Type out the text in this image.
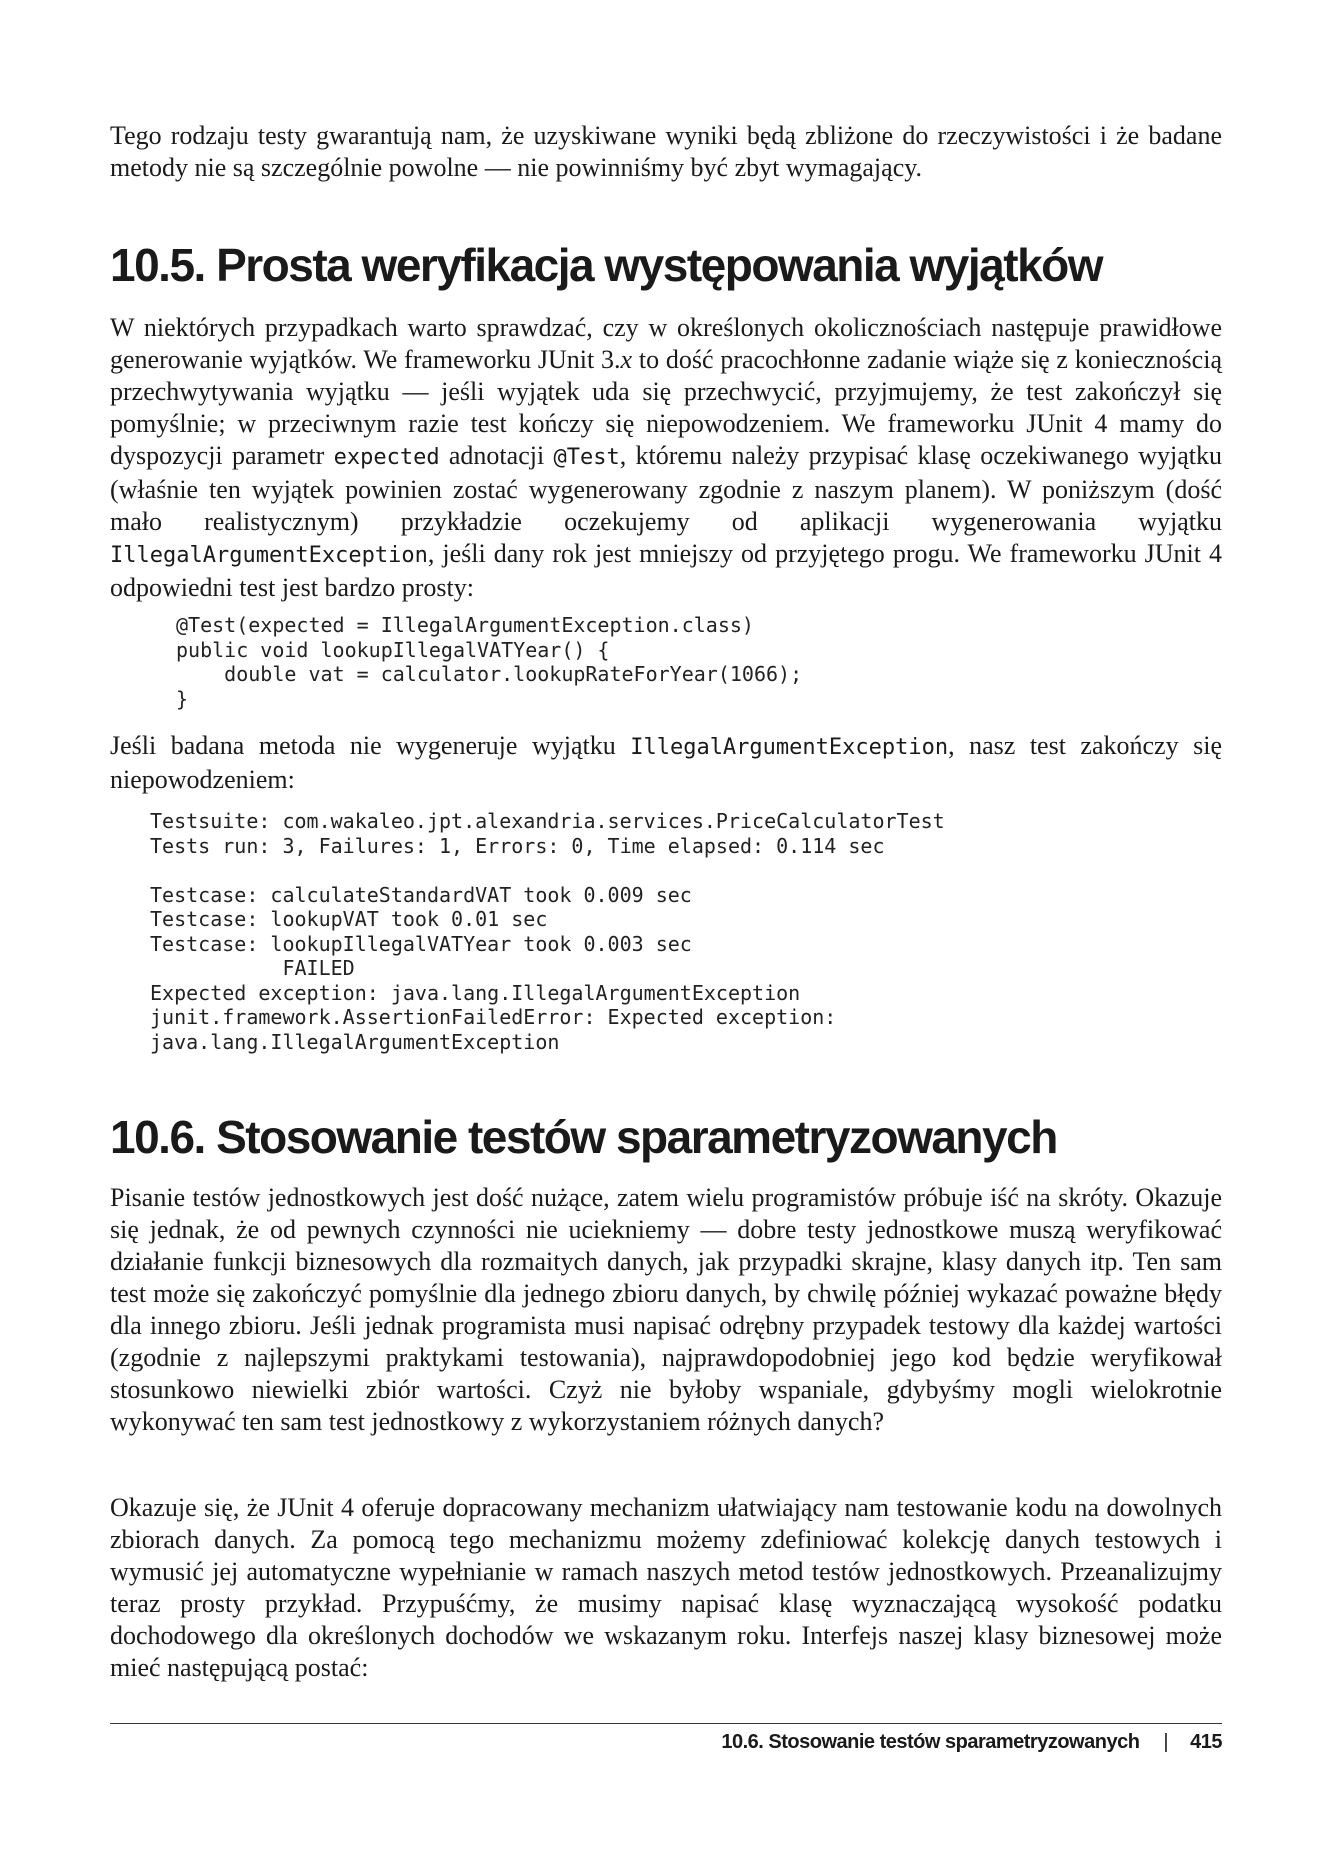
Tego rodzaju testy gwarantują nam, że uzyskiwane wyniki będą zbliżone do rzeczywistości i że badane metody nie są szczególnie powolne — nie powinniśmy być zbyt wymagający.

10.5. Prosta weryfikacja występowania wyjątków

W niektórych przypadkach warto sprawdzać, czy w określonych okolicznościach następuje prawidłowe generowanie wyjątków. We frameworku JUnit 3.x to dość pracochłonne zadanie wiąże się z koniecznością przechwytywania wyjątku — jeśli wyjątek uda się przechwycić, przyjmujemy, że test zakończył się pomyślnie; w przeciwnym razie test kończy się niepowodzeniem. We frameworku JUnit 4 mamy do dyspozycji parametr expected adnotacji @Test, któremu należy przypisać klasę oczekiwanego wyjątku (właśnie ten wyjątek powinien zostać wygenerowany zgodnie z naszym planem). W poniższym (dość mało realistycznym) przykładzie oczekujemy od aplikacji wygenerowania wyjątku IllegalArgumentException, jeśli dany rok jest mniejszy od przyjętego progu. We frameworku JUnit 4 odpowiedni test jest bardzo prosty:

@Test(expected = IllegalArgumentException.class)
public void lookupIllegalVATYear() {
double vat = calculator.lookupRateForYear(1066);
}

Jeśli badana metoda nie wygeneruje wyjątku IllegalArgumentException, nasz test zakończy się niepowodzeniem:

Testsuite: com.wakaleo.jpt.alexandria.services.PriceCalculatorTest
Tests run: 3, Failures: 1, Errors: 0, Time elapsed: 0.114 sec

Testcase: calculateStandardVAT took 0.009 sec
Testcase: lookupVAT took 0.01 sec
Testcase: lookupIllegalVATYear took 0.003 sec
FAILED
Expected exception: java.lang.IllegalArgumentException
junit.framework.AssertionFailedError: Expected exception:
java.lang.IllegalArgumentException
10.6. Stosowanie testów sparametryzowanych

Pisanie testów jednostkowych jest dość nużące, zatem wielu programistów próbuje iść na skróty. Okazuje się jednak, że od pewnych czynności nie uciekniemy — dobre testy jednostkowe muszą weryfikować działanie funkcji biznesowych dla rozmaitych danych, jak przypadki skrajne, klasy danych itp. Ten sam test może się zakończyć pomyślnie dla jednego zbioru danych, by chwilę później wykazać poważne błędy dla innego zbioru. Jeśli jednak programista musi napisać odrębny przypadek testowy dla każdej wartości (zgodnie z najlepszymi praktykami testowania), najprawdopodobniej jego kod będzie weryfikował stosunkowo niewielki zbiór wartości. Czyż nie byłoby wspaniale, gdybyśmy mogli wielokrotnie wykonywać ten sam test jednostkowy z wykorzystaniem różnych danych?

Okazuje się, że JUnit 4 oferuje dopracowany mechanizm ułatwiający nam testowanie kodu na dowolnych zbiorach danych. Za pomocą tego mechanizmu możemy zdefiniować kolekcję danych testowych i wymusić jej automatyczne wypełnianie w ramach naszych metod testów jednostkowych. Przeanalizujmy teraz prosty przykład. Przypuśćmy, że musimy napisać klasę wyznaczającą wysokość podatku dochodowego dla określonych dochodów we wskazanym roku. Interfejs naszej klasy biznesowej może mieć następującą postać:

10.6. Stosowanie testów sparametryzowanych | 415
